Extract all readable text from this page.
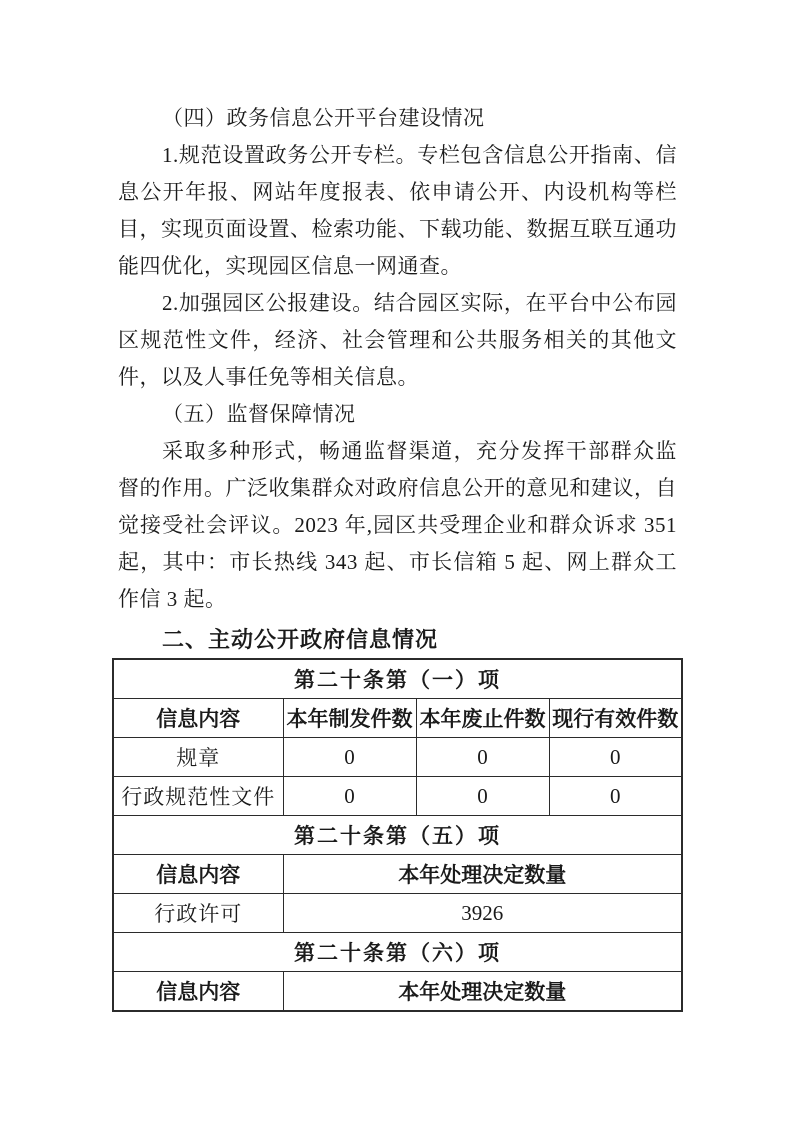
（四）政务信息公开平台建设情况

1.规范设置政务公开专栏。专栏包含信息公开指南、信息公开年报、网站年度报表、依申请公开、内设机构等栏目，实现页面设置、检索功能、下载功能、数据互联互通功能四优化，实现园区信息一网通查。

2.加强园区公报建设。结合园区实际，在平台中公布园区规范性文件，经济、社会管理和公共服务相关的其他文件，以及人事任免等相关信息。

（五）监督保障情况

采取多种形式，畅通监督渠道，充分发挥干部群众监督的作用。广泛收集群众对政府信息公开的意见和建议，自觉接受社会评议。2023 年,园区共受理企业和群众诉求 351 起，其中：市长热线 343 起、市长信箱 5 起、网上群众工作信 3 起。

二、主动公开政府信息情况

第二十条第（一）项			
信息内容	本年制发件数	本年废止件数	现行有效件数
规章	0	0	0
行政规范性文件	0	0	0
第二十条第（五）项			
信息内容	本年处理决定数量		
行政许可	3926		
第二十条第（六）项			
信息内容	本年处理决定数量		
